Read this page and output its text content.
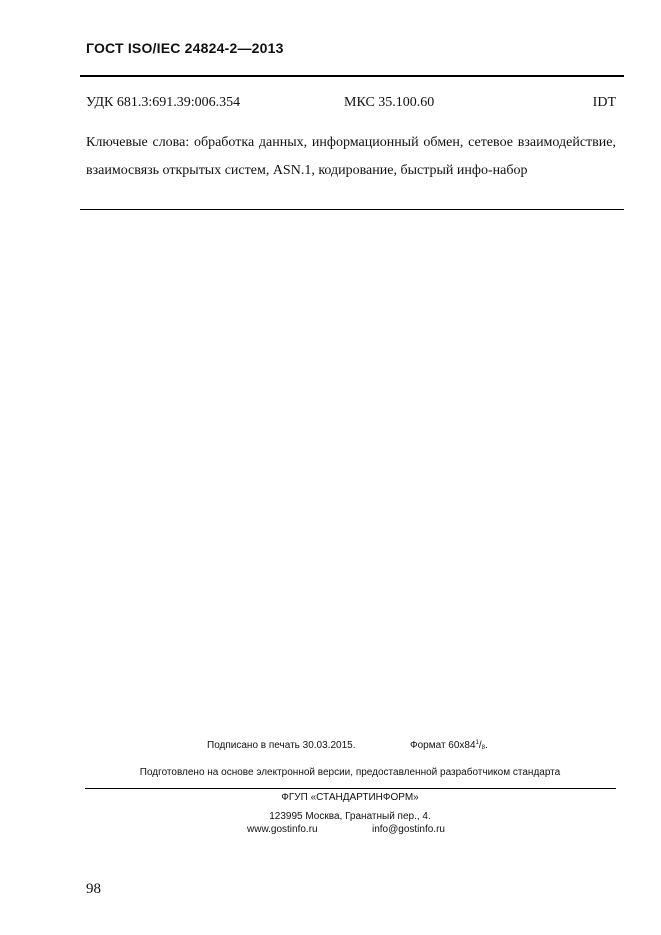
ГОСТ ISO/IEC 24824-2—2013
УДК 681.3:691.39:006.354	МКС 35.100.60	IDT

Ключевые слова: обработка данных, информационный обмен, сетевое взаимодействие, взаимосвязь открытых систем, ASN.1, кодирование, быстрый инфо-набор

Подписано в печать 30.03.2015.	Формат $60x84^1/_8$.
Подготовлено на основе электронной версии, предоставленной разработчиком стандарта
ФГУП «СТАНДАРТИНФОРМ»
123995 Москва, Гранатный пер., 4.
www.gostinfo.ru	info@gostinfo.ru
98
